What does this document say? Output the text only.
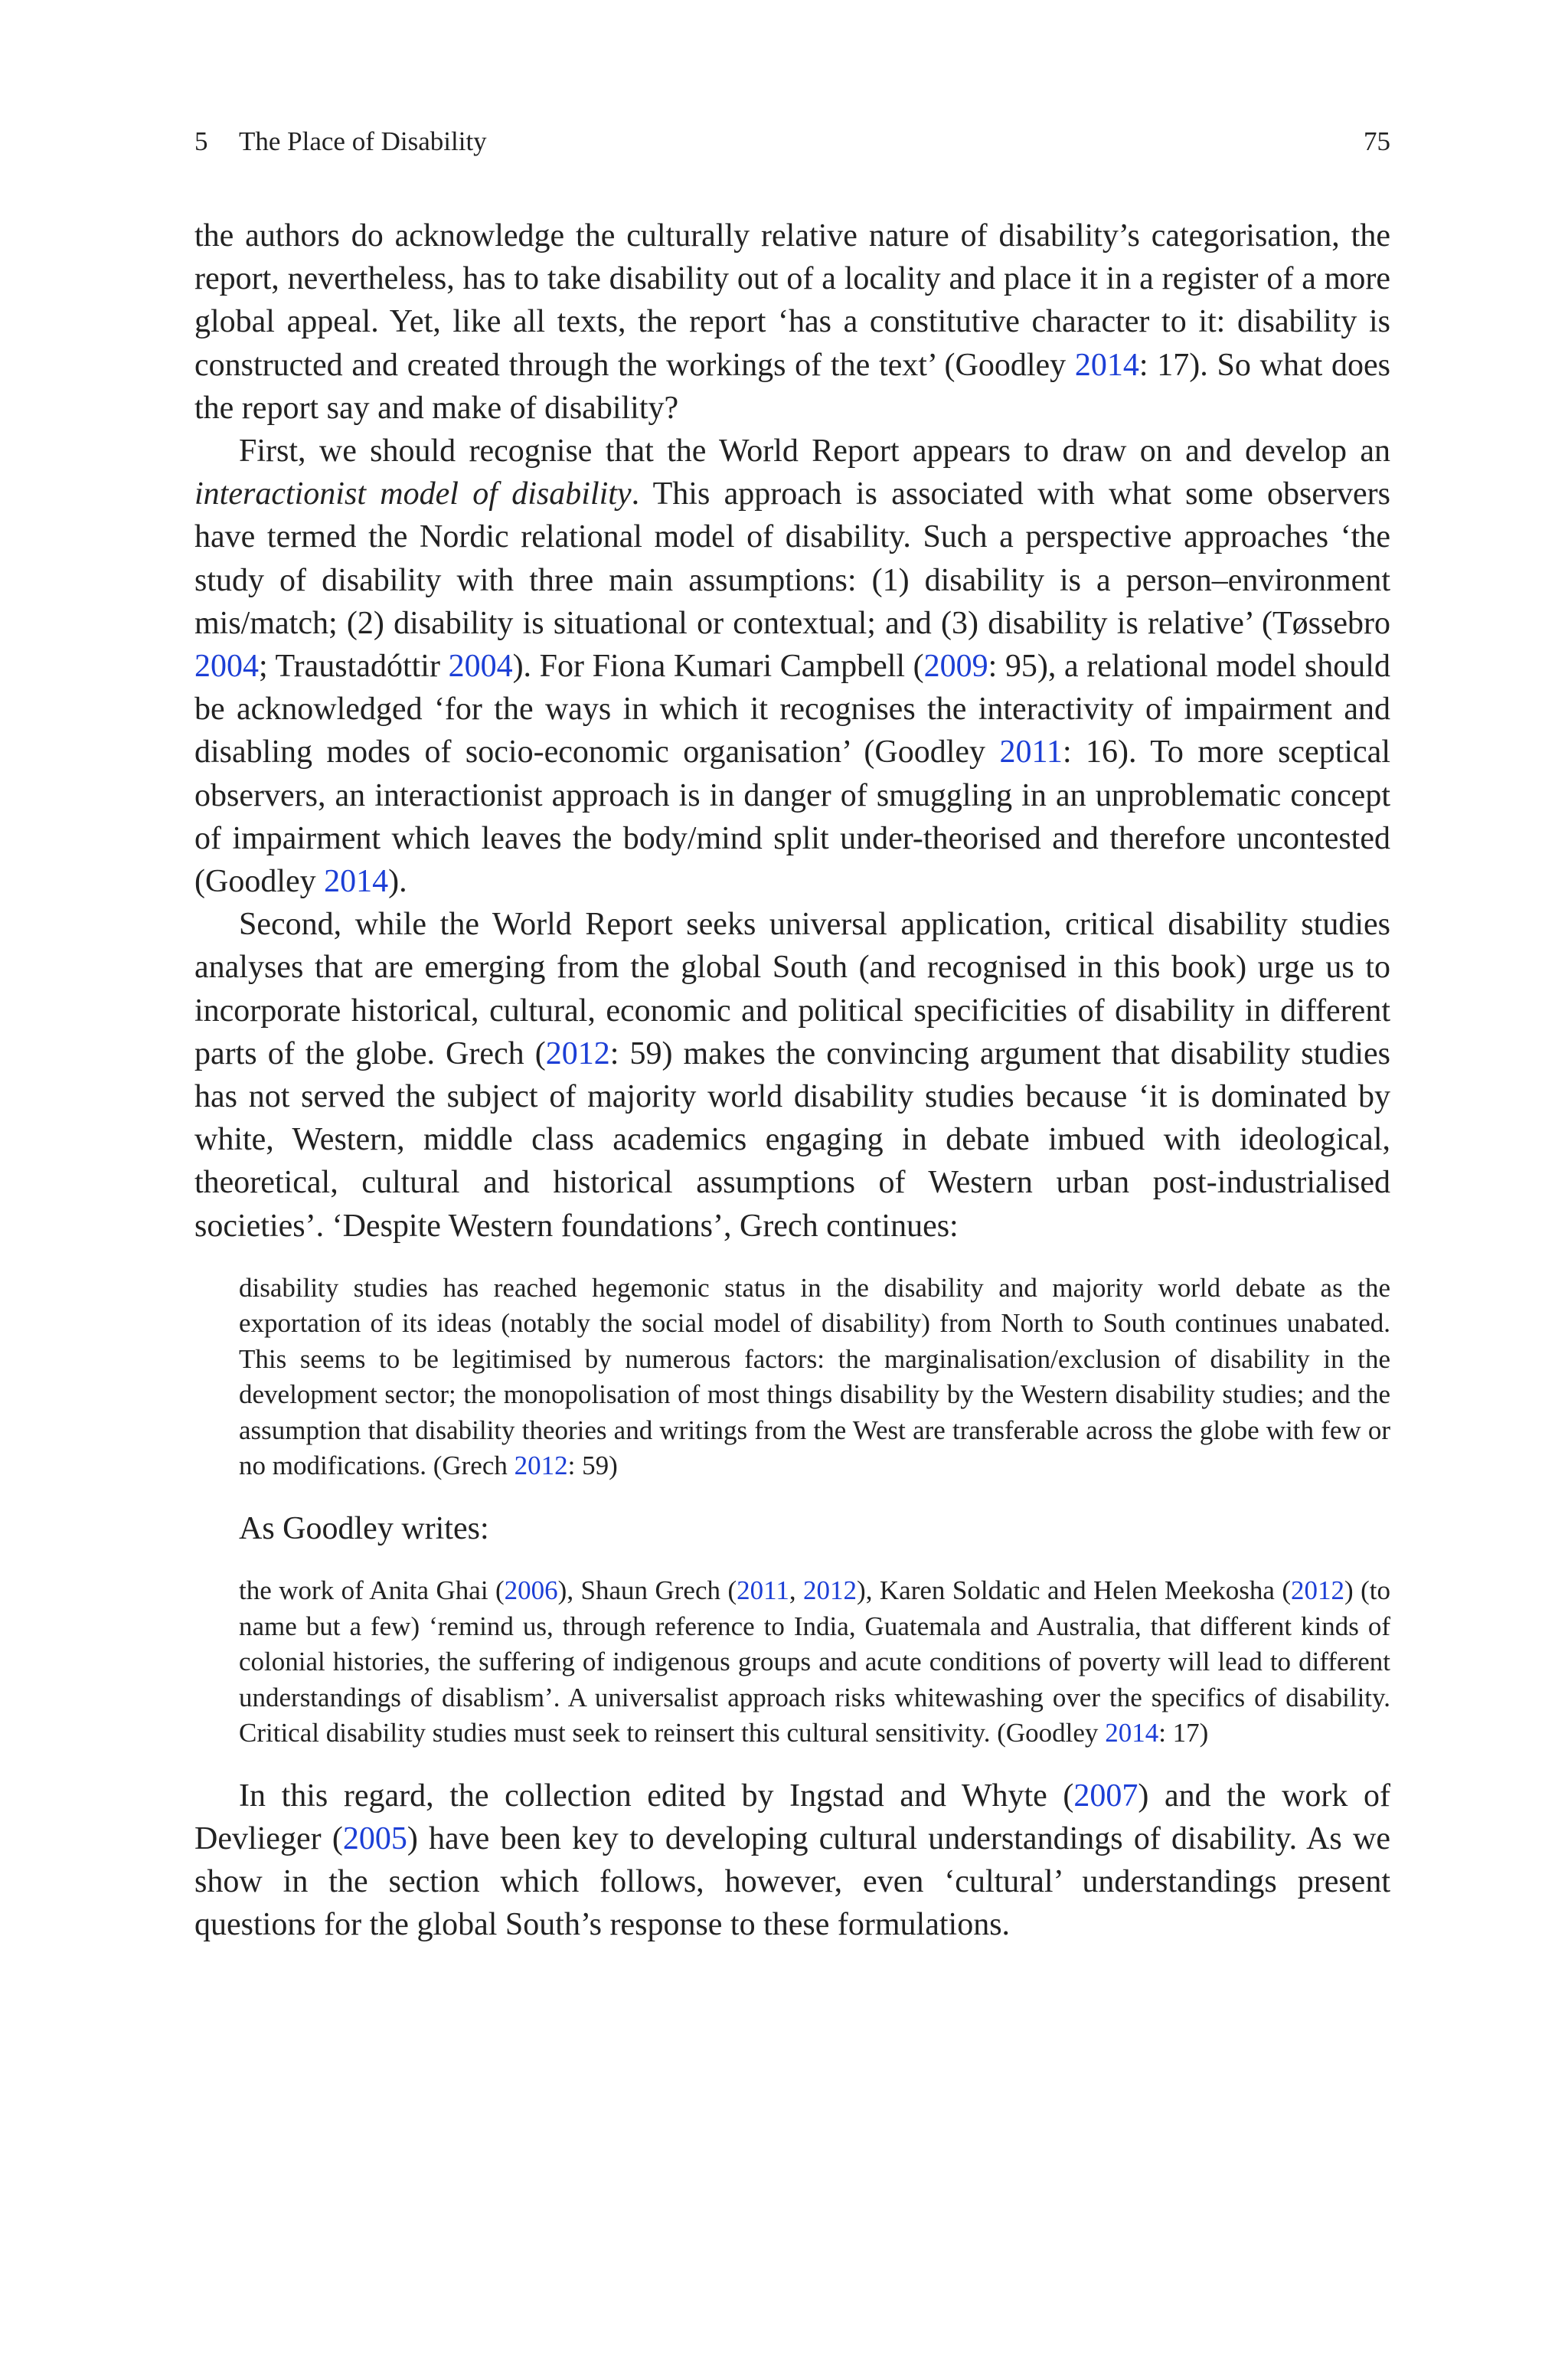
5 The Place of Disability	75

the authors do acknowledge the culturally relative nature of disability’s categorisation, the report, nevertheless, has to take disability out of a locality and place it in a register of a more global appeal. Yet, like all texts, the report ‘has a constitutive character to it: disability is constructed and created through the workings of the text’ (Goodley 2014: 17). So what does the report say and make of disability?

First, we should recognise that the World Report appears to draw on and develop an interactionist model of disability. This approach is associated with what some observers have termed the Nordic relational model of disability. Such a perspective approaches ‘the study of disability with three main assumptions: (1) disability is a person–environment mis/match; (2) disability is situational or contextual; and (3) disability is relative’ (Tøssebro 2004; Traustadóttir 2004). For Fiona Kumari Campbell (2009: 95), a relational model should be acknowledged ‘for the ways in which it recognises the interactivity of impairment and disabling modes of socio-economic organisation’ (Goodley 2011: 16). To more sceptical observers, an interactionist approach is in danger of smuggling in an unproblematic concept of impairment which leaves the body/mind split under-theorised and therefore uncontested (Goodley 2014).

Second, while the World Report seeks universal application, critical disability studies analyses that are emerging from the global South (and recognised in this book) urge us to incorporate historical, cultural, economic and political specificities of disability in different parts of the globe. Grech (2012: 59) makes the convincing argument that disability studies has not served the subject of majority world disability studies because ‘it is dominated by white, Western, middle class academics engaging in debate imbued with ideological, theoretical, cultural and historical assumptions of Western urban post-industrialised societies’. ‘Despite Western foundations’, Grech continues:

disability studies has reached hegemonic status in the disability and majority world debate as the exportation of its ideas (notably the social model of disability) from North to South continues unabated. This seems to be legitimised by numerous factors: the marginalisation/exclusion of disability in the development sector; the monopolisation of most things disability by the Western disability studies; and the assumption that disability theories and writings from the West are transferable across the globe with few or no modifications. (Grech 2012: 59)

As Goodley writes:

the work of Anita Ghai (2006), Shaun Grech (2011, 2012), Karen Soldatic and Helen Meekosha (2012) (to name but a few) ‘remind us, through reference to India, Guatemala and Australia, that different kinds of colonial histories, the suffering of indigenous groups and acute conditions of poverty will lead to different understandings of disablism’. A universalist approach risks whitewashing over the specifics of disability. Critical disability studies must seek to reinsert this cultural sensitivity. (Goodley 2014: 17)

In this regard, the collection edited by Ingstad and Whyte (2007) and the work of Devlieger (2005) have been key to developing cultural understandings of disability. As we show in the section which follows, however, even ‘cultural’ understandings present questions for the global South’s response to these formulations.
